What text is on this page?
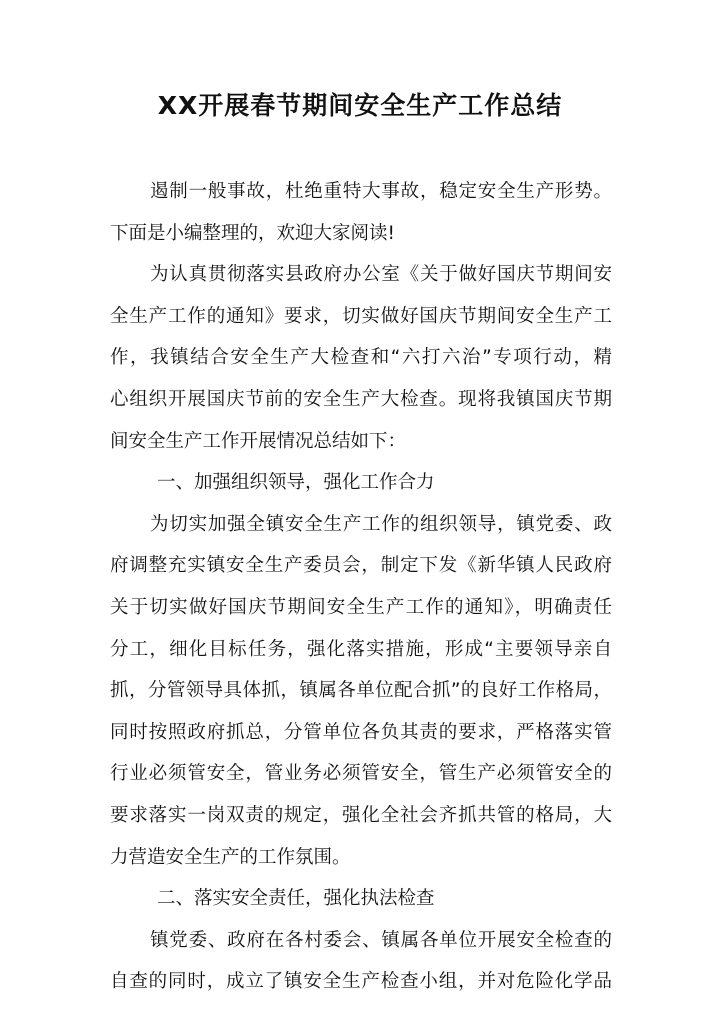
XX开展春节期间安全生产工作总结

遏制一般事故，杜绝重特大事故，稳定安全生产形势。

下面是小编整理的，欢迎大家阅读!

为认真贯彻落实县政府办公室《关于做好国庆节期间安

全生产工作的通知》要求，切实做好国庆节期间安全生产工

作，我镇结合安全生产大检查和“六打六治”专项行动，精

心组织开展国庆节前的安全生产大检查。现将我镇国庆节期

间安全生产工作开展情况总结如下：

一、加强组织领导，强化工作合力

为切实加强全镇安全生产工作的组织领导，镇党委、政

府调整充实镇安全生产委员会，制定下发《新华镇人民政府

关于切实做好国庆节期间安全生产工作的通知》，明确责任

分工，细化目标任务，强化落实措施，形成“主要领导亲自

抓，分管领导具体抓，镇属各单位配合抓”的良好工作格局，

同时按照政府抓总，分管单位各负其责的要求，严格落实管

行业必须管安全，管业务必须管安全，管生产必须管安全的

要求落实一岗双责的规定，强化全社会齐抓共管的格局，大

力营造安全生产的工作氛围。

二、落实安全责任，强化执法检查

镇党委、政府在各村委会、镇属各单位开展安全检查的

自查的同时，成立了镇安全生产检查小组，并对危险化学品
